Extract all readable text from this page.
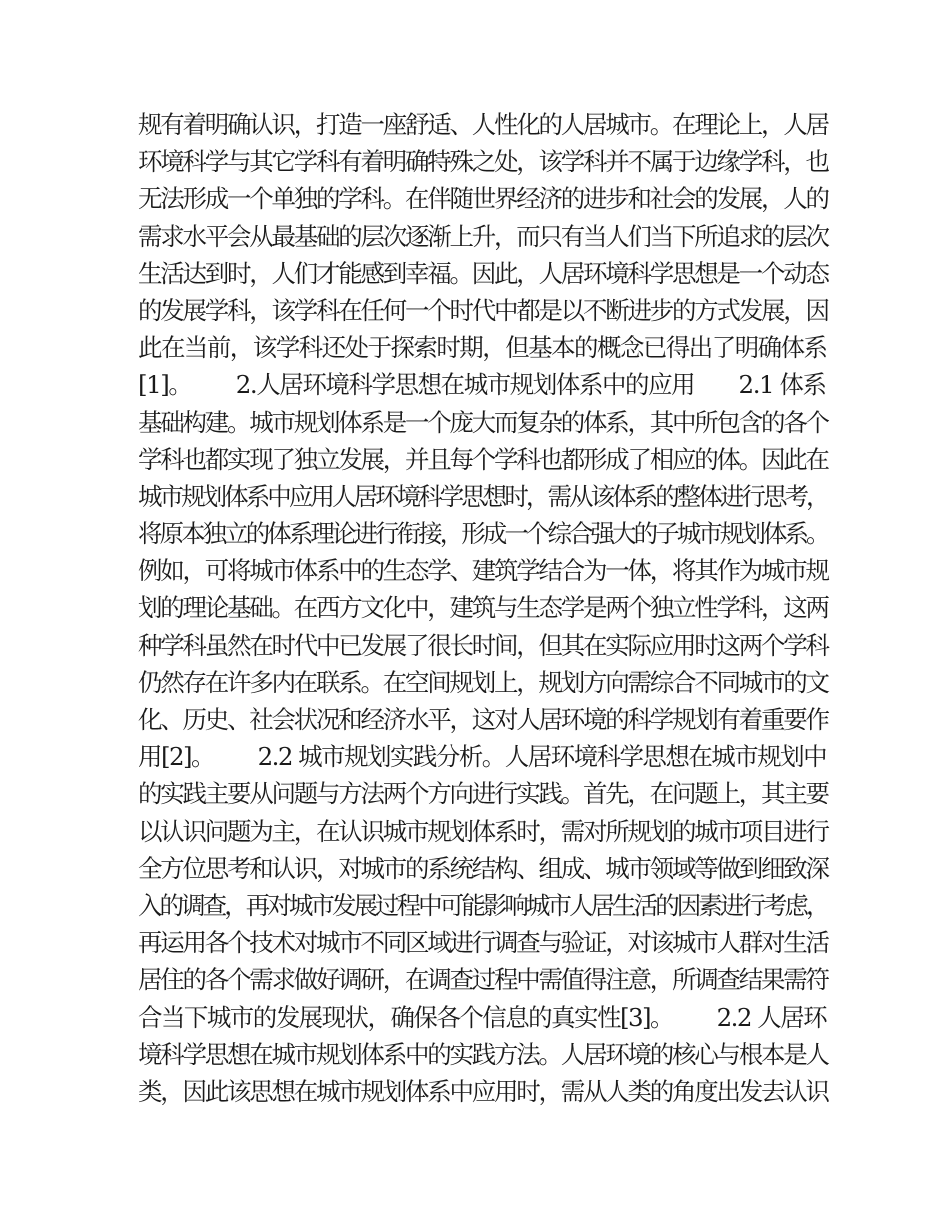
规有着明确认识，打造一座舒适、人性化的人居城市。在理论上，人居
环境科学与其它学科有着明确特殊之处，该学科并不属于边缘学科，也
无法形成一个单独的学科。在伴随世界经济的进步和社会的发展，人的
需求水平会从最基础的层次逐渐上升，而只有当人们当下所追求的层次
生活达到时，人们才能感到幸福。因此，人居环境科学思想是一个动态
的发展学科，该学科在任何一个时代中都是以不断进步的方式发展，因
此在当前，该学科还处于探索时期，但基本的概念已得出了明确体系
[1]。       2.人居环境科学思想在城市规划体系中的应用       2.1 体系
基础构建。城市规划体系是一个庞大而复杂的体系，其中所包含的各个
学科也都实现了独立发展，并且每个学科也都形成了相应的体。因此在
城市规划体系中应用人居环境科学思想时，需从该体系的整体进行思考，
将原本独立的体系理论进行衔接，形成一个综合强大的子城市规划体系。
例如，可将城市体系中的生态学、建筑学结合为一体，将其作为城市规
划的理论基础。在西方文化中，建筑与生态学是两个独立性学科，这两
种学科虽然在时代中已发展了很长时间，但其在实际应用时这两个学科
仍然存在许多内在联系。在空间规划上，规划方向需综合不同城市的文
化、历史、社会状况和经济水平，这对人居环境的科学规划有着重要作
用[2]。       2.2 城市规划实践分析。人居环境科学思想在城市规划中
的实践主要从问题与方法两个方向进行实践。首先，在问题上，其主要
以认识问题为主，在认识城市规划体系时，需对所规划的城市项目进行
全方位思考和认识，对城市的系统结构、组成、城市领域等做到细致深
入的调查，再对城市发展过程中可能影响城市人居生活的因素进行考虑，
再运用各个技术对城市不同区域进行调查与验证，对该城市人群对生活
居住的各个需求做好调研，在调查过程中需值得注意，所调查结果需符
合当下城市的发展现状，确保各个信息的真实性[3]。       2.2 人居环
境科学思想在城市规划体系中的实践方法。人居环境的核心与根本是人
类，因此该思想在城市规划体系中应用时，需从人类的角度出发去认识
